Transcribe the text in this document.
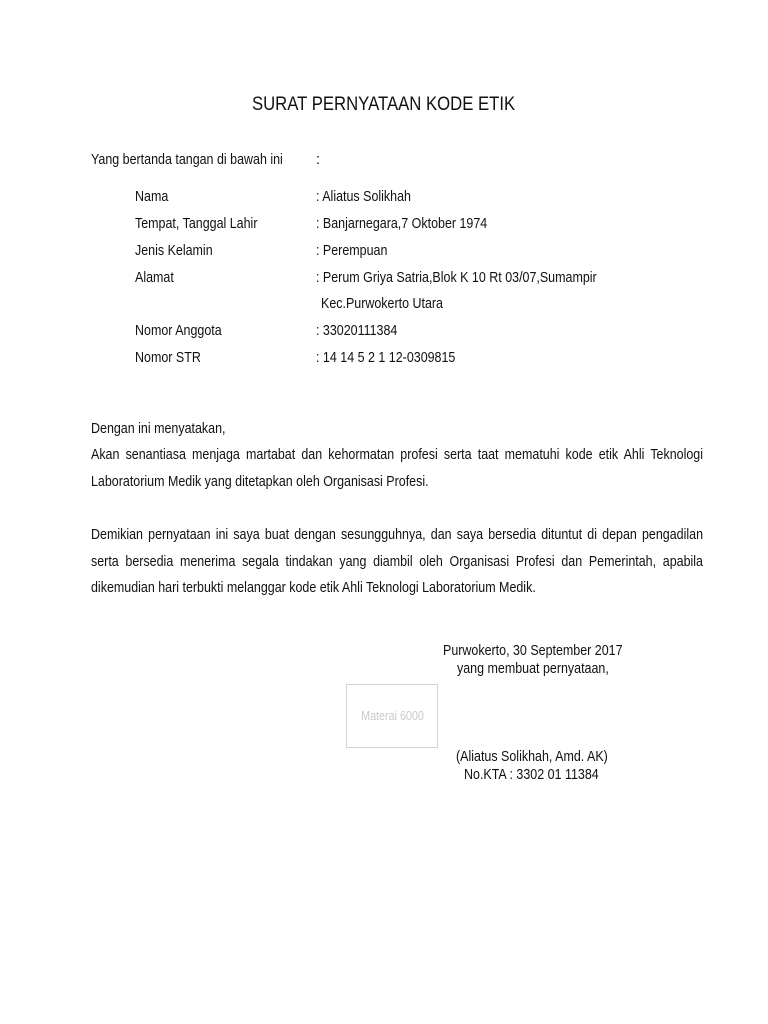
SURAT PERNYATAAN KODE ETIK
Yang bertanda tangan di bawah ini	:
Nama	: Aliatus Solikhah
Tempat, Tanggal Lahir	: Banjarnegara,7 Oktober 1974
Jenis Kelamin	: Perempuan
Alamat	: Perum Griya Satria,Blok K 10 Rt 03/07,Sumampir
Kec.Purwokerto Utara
Nomor Anggota	: 33020111384
Nomor STR	: 14 14 5 2 1 12-0309815
Dengan ini menyatakan,
Akan senantiasa menjaga martabat dan kehormatan profesi serta taat mematuhi kode etik Ahli Teknologi
Laboratorium Medik yang ditetapkan oleh Organisasi Profesi.
Demikian pernyataan ini saya buat dengan sesungguhnya, dan saya bersedia dituntut di depan pengadilan
serta bersedia menerima segala tindakan yang diambil oleh Organisasi Profesi dan Pemerintah, apabila
dikemudian hari terbukti melanggar kode etik Ahli Teknologi Laboratorium Medik.
Purwokerto, 30 September 2017
yang membuat pernyataan,
Materai 6000
(Aliatus Solikhah, Amd. AK)
No.KTA : 3302 01 11384
